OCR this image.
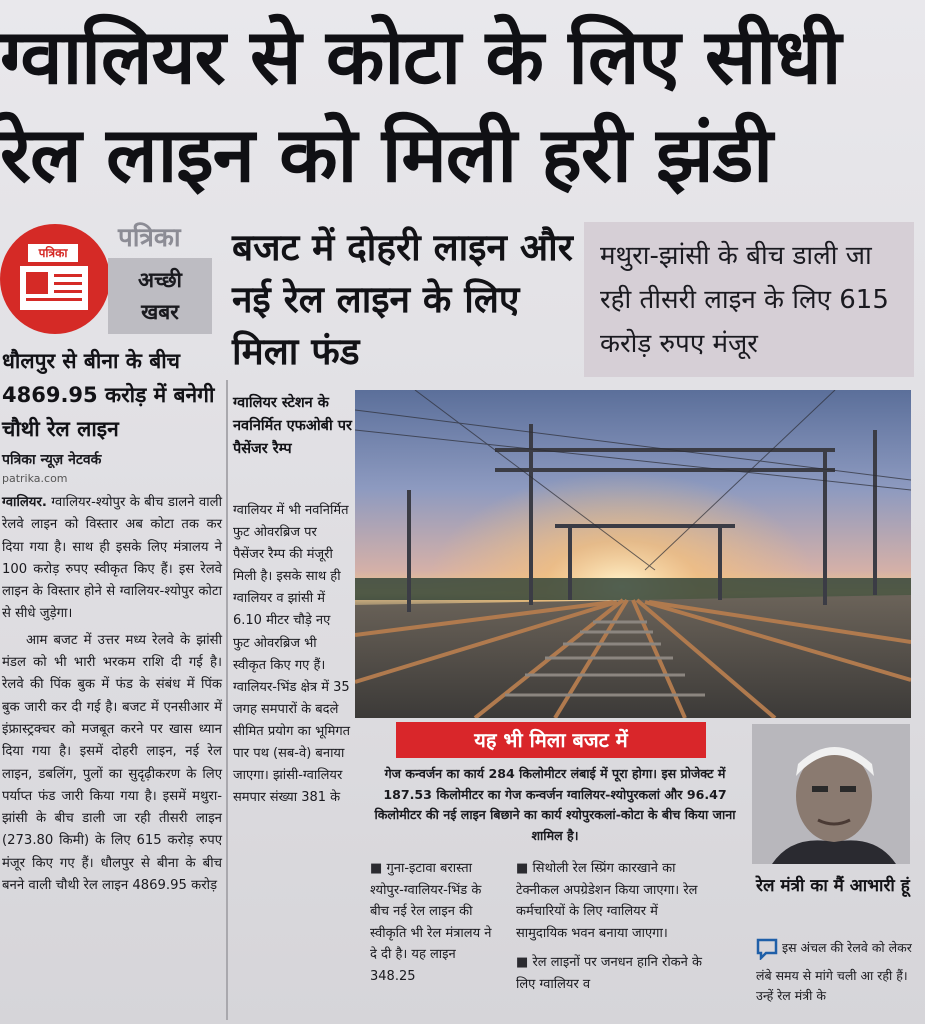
ग्वालियर से कोटा के लिए सीधी
रेल लाइन को मिली हरी झंडी
पत्रिका	पत्रिका
अच्छी
खबर
बजट में दोहरी लाइन और नई रेल लाइन के लिए मिला फंड
मथुरा-झांसी के बीच डाली जा रही तीसरी लाइन के लिए 615 करोड़ रुपए मंजूर
धौलपुर से बीना के बीच 4869.95 करोड़ में बनेगी चौथी रेल लाइन
पत्रिका न्यूज़ नेटवर्क
patrika.com

ग्वालियर. ग्वालियर-श्योपुर के बीच डालने वाली रेलवे लाइन को विस्तार अब कोटा तक कर दिया गया है। साथ ही इसके लिए मंत्रालय ने 100 करोड़ रुपए स्वीकृत किए हैं। इस रेलवे लाइन के विस्तार होने से ग्वालियर-श्योपुर कोटा से सीधे जुड़ेगा।

आम बजट में उत्तर मध्य रेलवे के झांसी मंडल को भी भारी भरकम राशि दी गई है। रेलवे की पिंक बुक में फंड के संबंध में पिंक बुक जारी कर दी गई है। बजट में एनसीआर में इंफ्रास्ट्रक्चर को मजबूत करने पर खास ध्यान दिया गया है। इसमें दोहरी लाइन, नई रेल लाइन, डबलिंग, पुलों का सुदृढ़ीकरण के लिए पर्याप्त फंड जारी किया गया है। इसमें मथुरा-झांसी के बीच डाली जा रही तीसरी लाइन (273.80 किमी) के लिए 615 करोड़ रुपए मंजूर किए गए हैं। धौलपुर से बीना के बीच बनने वाली चौथी रेल लाइन 4869.95 करोड़

ग्वालियर स्टेशन के नवनिर्मित एफओबी पर पैसेंजर रैम्प
ग्वालियर में भी नवनिर्मित फुट ओवरब्रिज पर पैसेंजर रैम्प की मंजूरी मिली है। इसके साथ ही ग्वालियर व झांसी में 6.10 मीटर चौड़े नए फुट ओवरब्रिज भी स्वीकृत किए गए हैं। ग्वालियर-भिंड क्षेत्र में 35 जगह समपारों के बदले सीमित प्रयोग का भूमिगत पार पथ (सब-वे) बनाया जाएगा। झांसी-ग्वालियर समपार संख्या 381 के
यह भी मिला बजट में
गेज कन्वर्जन का कार्य 284 किलोमीटर लंबाई में पूरा होगा। इस प्रोजेक्ट में 187.53 किलोमीटर का गेज कन्वर्जन ग्वालियर-श्योपुरकलां और 96.47 किलोमीटर की नई लाइन बिछाने का कार्य श्योपुरकलां-कोटा के बीच किया जाना शामिल है।
■ गुना-इटावा बरास्ता श्योपुर-ग्वालियर-भिंड के बीच नई रेल लाइन की स्वीकृति भी रेल मंत्रालय ने दे दी है। यह लाइन 348.25
■ सिथोली रेल स्प्रिंग कारखाने का टेक्नीकल अपग्रेडेशन किया जाएगा। रेल कर्मचारियों के लिए ग्वालियर में सामुदायिक भवन बनाया जाएगा।
■ रेल लाइनों पर जनधन हानि रोकने के लिए ग्वालियर व
रेल मंत्री का मैं आभारी हूं
इस अंचल की रेलवे को लेकर लंबे समय से मांगे चली आ रही हैं। उन्हें रेल मंत्री के
